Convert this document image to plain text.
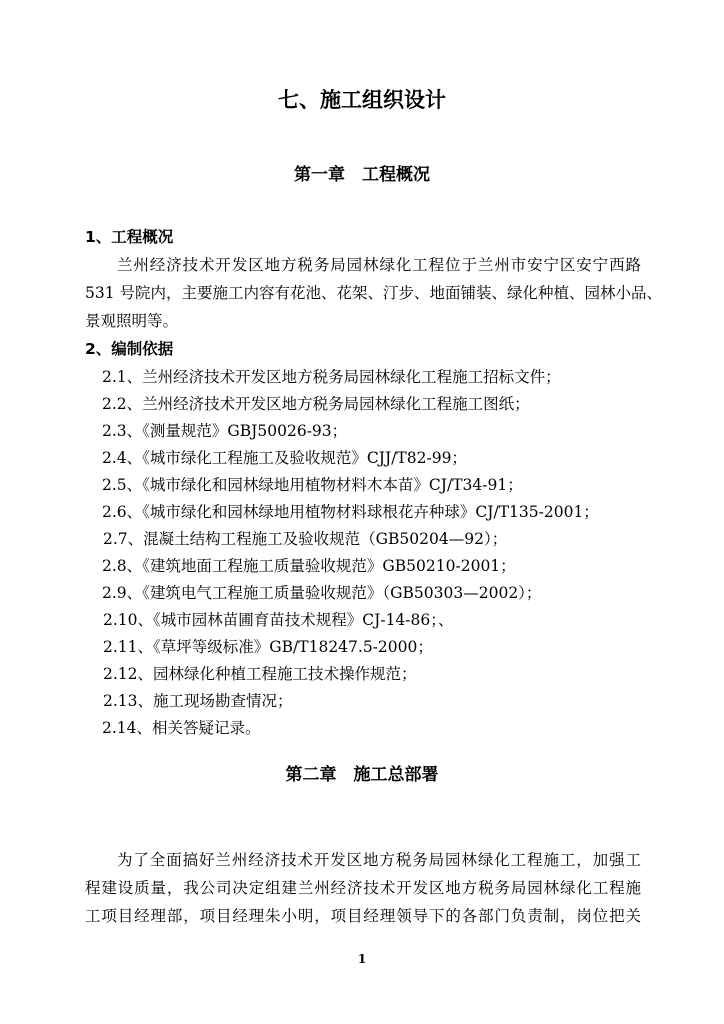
七、施工组织设计
第一章　工程概况
1、工程概况
兰州经济技术开发区地方税务局园林绿化工程位于兰州市安宁区安宁西路
531 号院内，主要施工内容有花池、花架、汀步、地面铺装、绿化种植、园林小品、
景观照明等。
2、编制依据
2.1、兰州经济技术开发区地方税务局园林绿化工程施工招标文件；
2.2、兰州经济技术开发区地方税务局园林绿化工程施工图纸；
2.3、《测量规范》GBJ50026-93；
2.4、《城市绿化工程施工及验收规范》CJJ/T82-99；
2.5、《城市绿化和园林绿地用植物材料木本苗》CJ/T34-91；
2.6、《城市绿化和园林绿地用植物材料球根花卉种球》CJ/T135-2001；
2.7、混凝土结构工程施工及验收规范（GB50204—92）；
2.8、《建筑地面工程施工质量验收规范》GB50210-2001；
2.9、《建筑电气工程施工质量验收规范》（GB50303—2002）；
2.10、《城市园林苗圃育苗技术规程》CJ-14-86；、
2.11、《草坪等级标准》GB/T18247.5-2000；
2.12、园林绿化种植工程施工技术操作规范；
2.13、施工现场勘查情况；
2.14、相关答疑记录。
第二章　施工总部署
为了全面搞好兰州经济技术开发区地方税务局园林绿化工程施工，加强工
程建设质量，我公司决定组建兰州经济技术开发区地方税务局园林绿化工程施
工项目经理部，项目经理朱小明，项目经理领导下的各部门负责制，岗位把关
1
